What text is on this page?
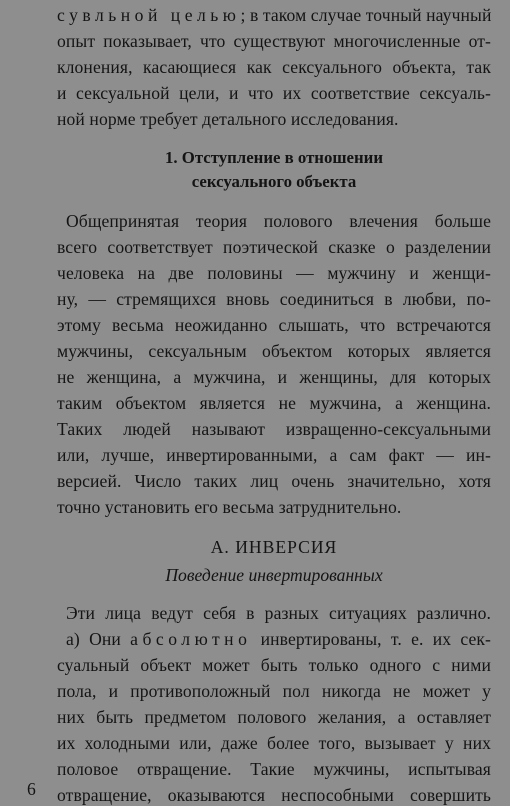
сувльной целью; в таком случае точный научный
опыт показывает, что существуют многочисленные от-
клонения, касающиеся как сексуального объекта, так
и сексуальной цели, и что их соответствие сексуаль-
ной норме требует детального исследования.
1. Отступление в отношении
сексуального объекта
Общепринятая теория полового влечения больше
всего соответствует поэтической сказке о разделении
человека на две половины — мужчину и женщи-
ну, — стремящихся вновь соединиться в любви, по-
этому весьма неожиданно слышать, что встречаются
мужчины, сексуальным объектом которых является
не женщина, а мужчина, и женщины, для которых
таким объектом является не мужчина, а женщина.
Таких людей называют извращенно-сексуальными
или, лучше, инвертированными, а сам факт — ин-
версией. Число таких лиц очень значительно, хотя
точно установить его весьма затруднительно.
А. ИНВЕРСИЯ
Поведение инвертированных
Эти лица ведут себя в разных ситуациях различно.
а) Они абсолютно инвертированы, т. е. их сек-
суальный объект может быть только одного с ними
пола, и противоположный пол никогда не может у
них быть предметом полового желания, а оставляет
их холодными или, даже более того, вызывает у них
половое отвращение. Такие мужчины, испытывая
отвращение, оказываются неспособными совершить
6
